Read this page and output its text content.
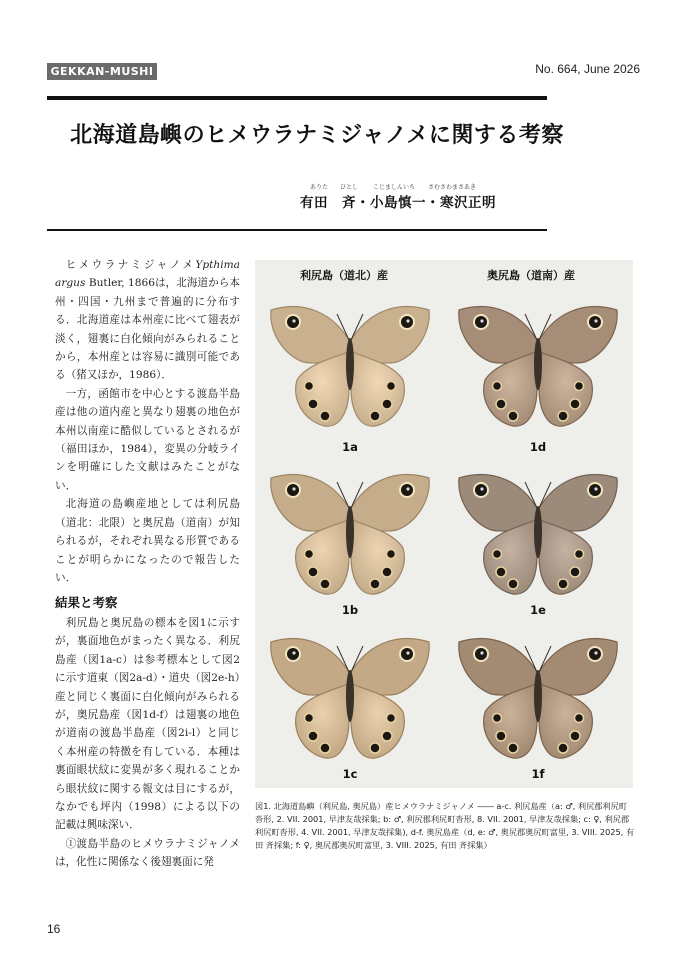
GEKKAN-MUSHI	No. 664, June 2026
北海道島嶼のヒメウラナミジャノメに関する考察
ありた ひとし こじましんいち さむさわまさあき
有田　斉・小島慎一・寒沢正明

ヒメウラナミジャノメYpthima argus Butler, 1866は，北海道から本州・四国・九州まで普遍的に分布する．北海道産は本州産に比べて翅表が淡く，翅裏に白化傾向がみられることから，本州産とは容易に識別可能である（猪又ほか，1986）．

一方，函館市を中心とする渡島半島産は他の道内産と異なり翅裏の地色が本州以南産に酷似しているとされるが（福田ほか，1984），変異の分岐ラインを明確にした文献はみたことがない．

北海道の島嶼産地としては利尻島（道北：北限）と奥尻島（道南）が知られるが，それぞれ異なる形質であることが明らかになったので報告したい．

結果と考察

利尻島と奥尻島の標本を図1に示すが，裏面地色がまったく異なる．利尻島産（図1a-c）は参考標本として図2に示す道東（図2a-d）・道央（図2e-h）産と同じく裏面に白化傾向がみられるが，奥尻島産（図1d-f）は翅裏の地色が道南の渡島半島産（図2i-l）と同じく本州産の特徴を有している．本種は裏面眼状紋に変異が多く現れることから眼状紋に関する報文は目にするが，なかでも坪内（1998）による以下の記載は興味深い．

①渡島半島のヒメウラナミジャノメは，化性に関係なく後翅裏面に発

利尻島（道北）産	奥尻島（道南）産
1a	1d
1b	1e
1c	1f
図1. 北海道島嶼（利尻島, 奥尻島）産ヒメウラナミジャノメ ―― a-c. 利尻島産（a: ♂, 利尻郡利尻町沓形, 2. VII. 2001, 早津友哉採集; b: ♂, 利尻郡利尻町沓形, 8. VII. 2001, 早津友哉採集; c: ♀, 利尻郡利尻町沓形, 4. VII. 2001, 早津友哉採集), d-f. 奥尻島産（d, e: ♂, 奥尻郡奥尻町富里, 3. VIII. 2025, 有田 斉採集; f: ♀, 奥尻郡奥尻町富里, 3. VIII. 2025, 有田 斉採集）
16
